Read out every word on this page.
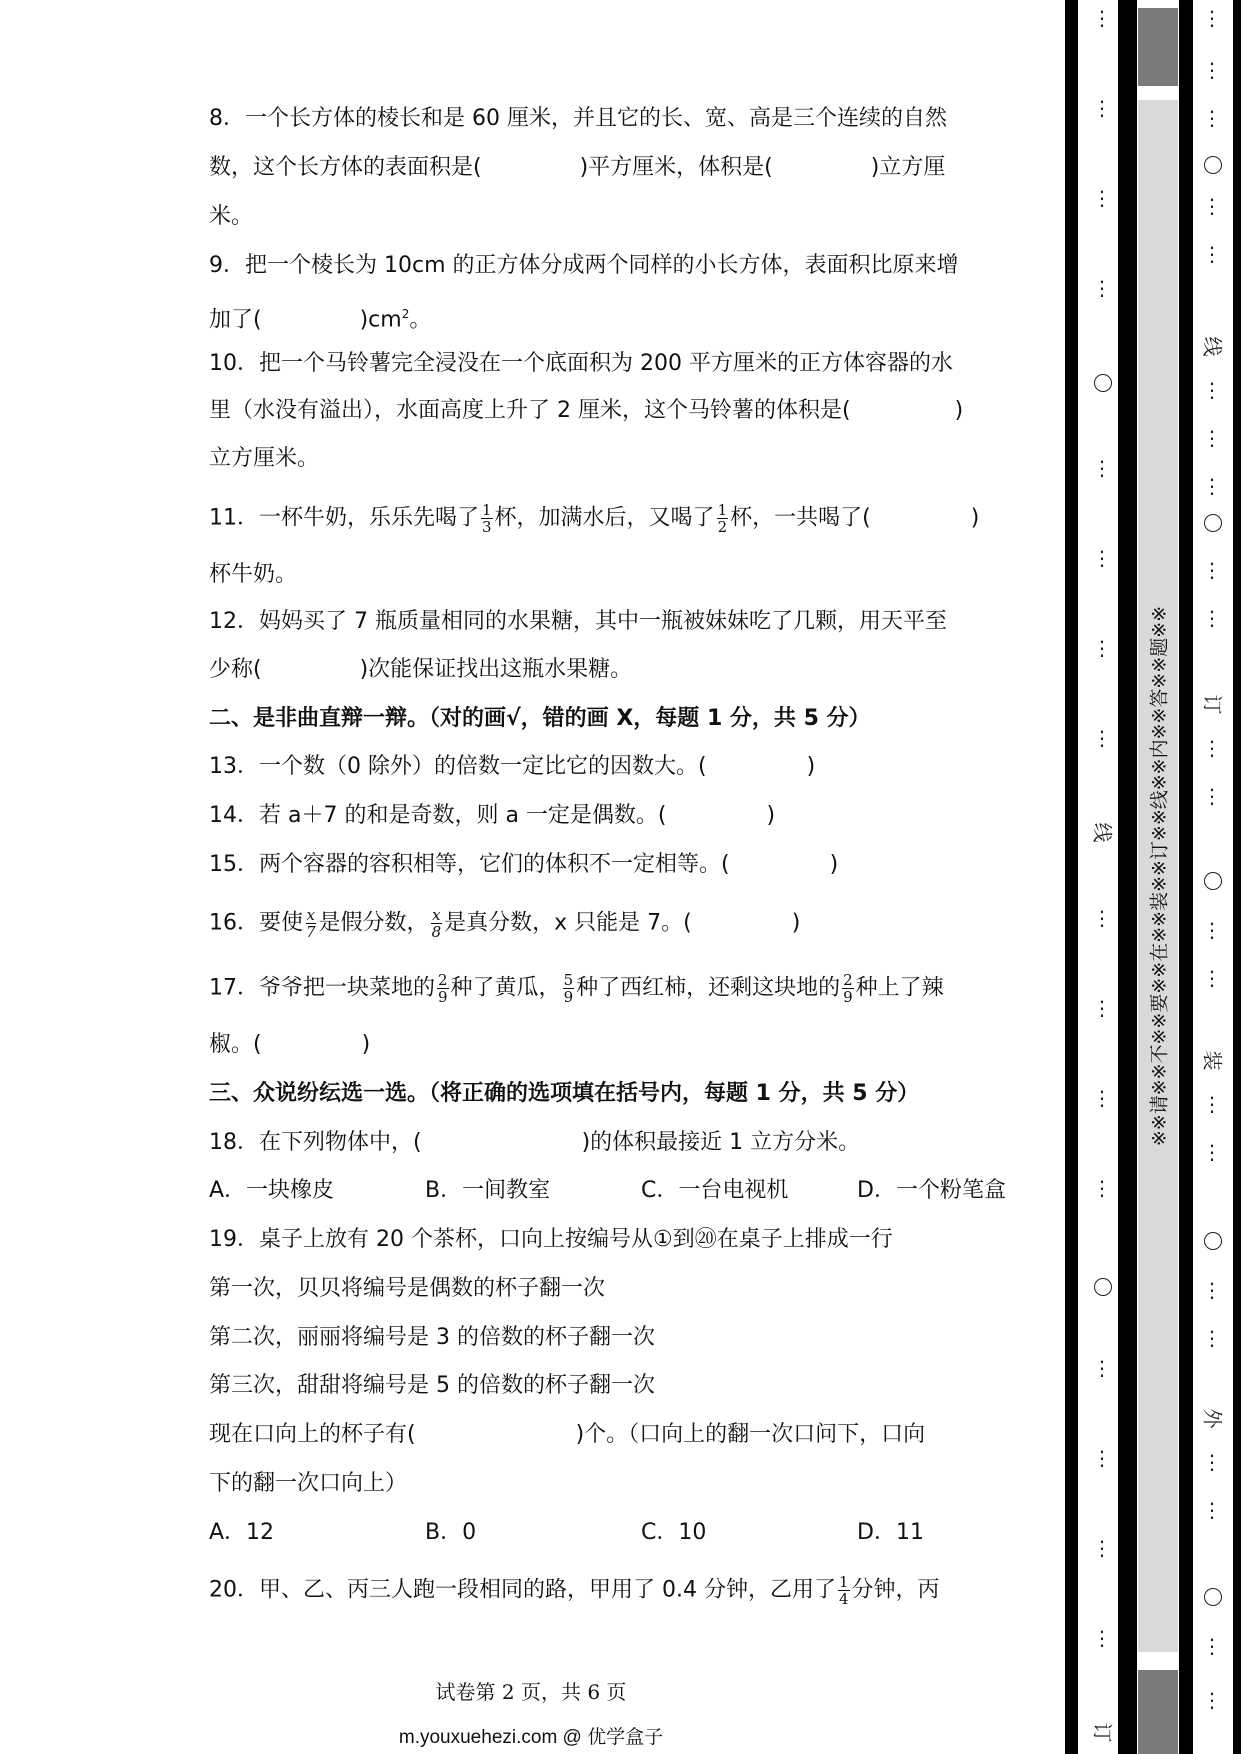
8．一个长方体的棱长和是 60 厘米，并且它的长、宽、高是三个连续的自然
数，这个长方体的表面积是(	)平方厘米，体积是(	)立方厘
米。
9．把一个棱长为 10cm 的正方体分成两个同样的小长方体，表面积比原来增
加了(	)$cm^2$。
10．把一个马铃薯完全浸没在一个底面积为 200 平方厘米的正方体容器的水
里（水没有溢出），水面高度上升了 2 厘米，这个马铃薯的体积是(	)
立方厘米。
11．一杯牛奶，乐乐先喝了 $\frac{1}{3}$ 杯，加满水后，又喝了 $\frac{1}{2}$ 杯，一共喝了(	)
杯牛奶。
12．妈妈买了 7 瓶质量相同的水果糖，其中一瓶被妹妹吃了几颗，用天平至
少称(	)次能保证找出这瓶水果糖。
二、是非曲直辩一辩。（对的画√，错的画 X，每题 1 分，共 5 分）
13．一个数（0 除外）的倍数一定比它的因数大。(	)
14．若 a＋7 的和是奇数，则 a 一定是偶数。(	)
15．两个容器的容积相等，它们的体积不一定相等。(	)
16．要使 $\frac{x}{7}$ 是假分数， $\frac{x}{8}$ 是真分数，x 只能是 7。(	)
17．爷爷把一块菜地的 $\frac{2}{9}$ 种了黄瓜， $\frac{5}{9}$ 种了西红柿，还剩这块地的 $\frac{2}{9}$ 种上了辣
椒。(	)
三、众说纷纭选一选。（将正确的选项填在括号内，每题 1 分，共 5 分）
18．在下列物体中，(	)的体积最接近 1 立方分米。
A．一块橡皮	B．一间教室	C．一台电视机	D．一个粉笔盒
19．桌子上放有 20 个茶杯，口向上按编号从①到⑳在桌子上排成一行
第一次，贝贝将编号是偶数的杯子翻一次
第二次，丽丽将编号是 3 的倍数的杯子翻一次
第三次，甜甜将编号是 5 的倍数的杯子翻一次
现在口向上的杯子有(	)个。（口向上的翻一次口问下，口向
下的翻一次口向上）
A．12	B．0	C．10	D．11
20．甲、乙、丙三人跑一段相同的路，甲用了 0.4 分钟，乙用了 $\frac{1}{4}$ 分钟，丙
试卷第 2 页，共 6 页
m.youxuehezi.com @ 优学盒子
⋮
⋮
⋮
⋮
⋮
⋮
⋮
⋮
线
⋮
⋮
⋮
⋮
⋮
⋮
⋮
⋮
订
※※请※※不※※要※※在※※装※※订※※线※※内※※答※※题※※
⋮
⋮
⋮
⋮
⋮
线
⋮
⋮
⋮
⋮
⋮
订
⋮
⋮
⋮
⋮
装
⋮
⋮
⋮
⋮
外
⋮
⋮
⋮
⋮
